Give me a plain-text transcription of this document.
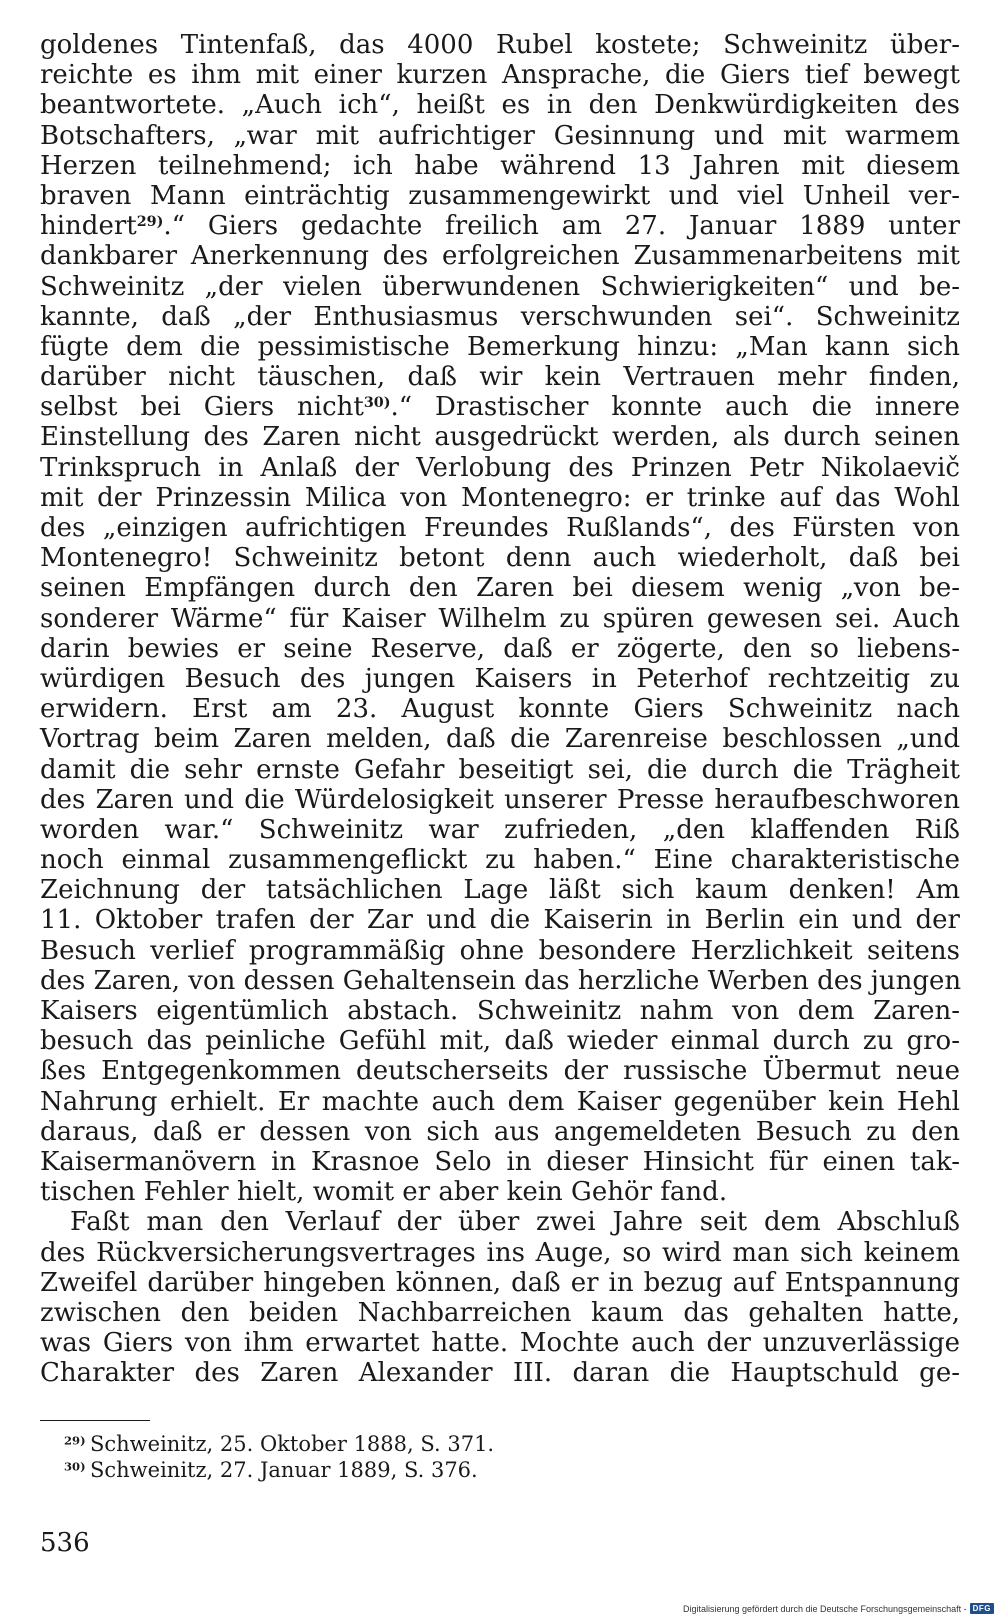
goldenes Tintenfaß, das 4000 Rubel kostete; Schweinitz über-
reichte es ihm mit einer kurzen Ansprache, die Giers tief bewegt
beantwortete. „Auch ich“, heißt es in den Denkwürdigkeiten des
Botschafters, „war mit aufrichtiger Gesinnung und mit warmem
Herzen teilnehmend; ich habe während 13 Jahren mit diesem
braven Mann einträchtig zusammengewirkt und viel Unheil ver-
hindert$^{29)}$.“ Giers gedachte freilich am 27. Januar 1889 unter
dankbarer Anerkennung des erfolgreichen Zusammenarbeitens mit
Schweinitz „der vielen überwundenen Schwierigkeiten“ und be-
kannte, daß „der Enthusiasmus verschwunden sei“. Schweinitz
fügte dem die pessimistische Bemerkung hinzu: „Man kann sich
darüber nicht täuschen, daß wir kein Vertrauen mehr finden,
selbst bei Giers nicht$^{30)}$.“ Drastischer konnte auch die innere
Einstellung des Zaren nicht ausgedrückt werden, als durch seinen
Trinkspruch in Anlaß der Verlobung des Prinzen Petr Nikolaevič
mit der Prinzessin Milica von Montenegro: er trinke auf das Wohl
des „einzigen aufrichtigen Freundes Rußlands“, des Fürsten von
Montenegro! Schweinitz betont denn auch wiederholt, daß bei
seinen Empfängen durch den Zaren bei diesem wenig „von be-
sonderer Wärme“ für Kaiser Wilhelm zu spüren gewesen sei. Auch
darin bewies er seine Reserve, daß er zögerte, den so liebens-
würdigen Besuch des jungen Kaisers in Peterhof rechtzeitig zu
erwidern. Erst am 23. August konnte Giers Schweinitz nach
Vortrag beim Zaren melden, daß die Zarenreise beschlossen „und
damit die sehr ernste Gefahr beseitigt sei, die durch die Trägheit
des Zaren und die Würdelosigkeit unserer Presse heraufbeschworen
worden war.“ Schweinitz war zufrieden, „den klaffenden Riß
noch einmal zusammengeflickt zu haben.“ Eine charakteristische
Zeichnung der tatsächlichen Lage läßt sich kaum denken! Am
11. Oktober trafen der Zar und die Kaiserin in Berlin ein und der
Besuch verlief programmäßig ohne besondere Herzlichkeit seitens
des Zaren, von dessen Gehaltensein das herzliche Werben des jungen
Kaisers eigentümlich abstach. Schweinitz nahm von dem Zaren-
besuch das peinliche Gefühl mit, daß wieder einmal durch zu gro-
ßes Entgegenkommen deutscherseits der russische Übermut neue
Nahrung erhielt. Er machte auch dem Kaiser gegenüber kein Hehl
daraus, daß er dessen von sich aus angemeldeten Besuch zu den
Kaisermanövern in Krasnoe Selo in dieser Hinsicht für einen tak-
tischen Fehler hielt, womit er aber kein Gehör fand.
Faßt man den Verlauf der über zwei Jahre seit dem Abschluß
des Rückversicherungsvertrages ins Auge, so wird man sich keinem
Zweifel darüber hingeben können, daß er in bezug auf Entspannung
zwischen den beiden Nachbarreichen kaum das gehalten hatte,
was Giers von ihm erwartet hatte. Mochte auch der unzuverlässige
Charakter des Zaren Alexander III. daran die Hauptschuld ge-
$^{29)}$ Schweinitz, 25. Oktober 1888, S. 371.
$^{30)}$ Schweinitz, 27. Januar 1889, S. 376.
536
Digitalisierung gefördert durch die Deutsche Forschungsgemeinschaft - DFG
